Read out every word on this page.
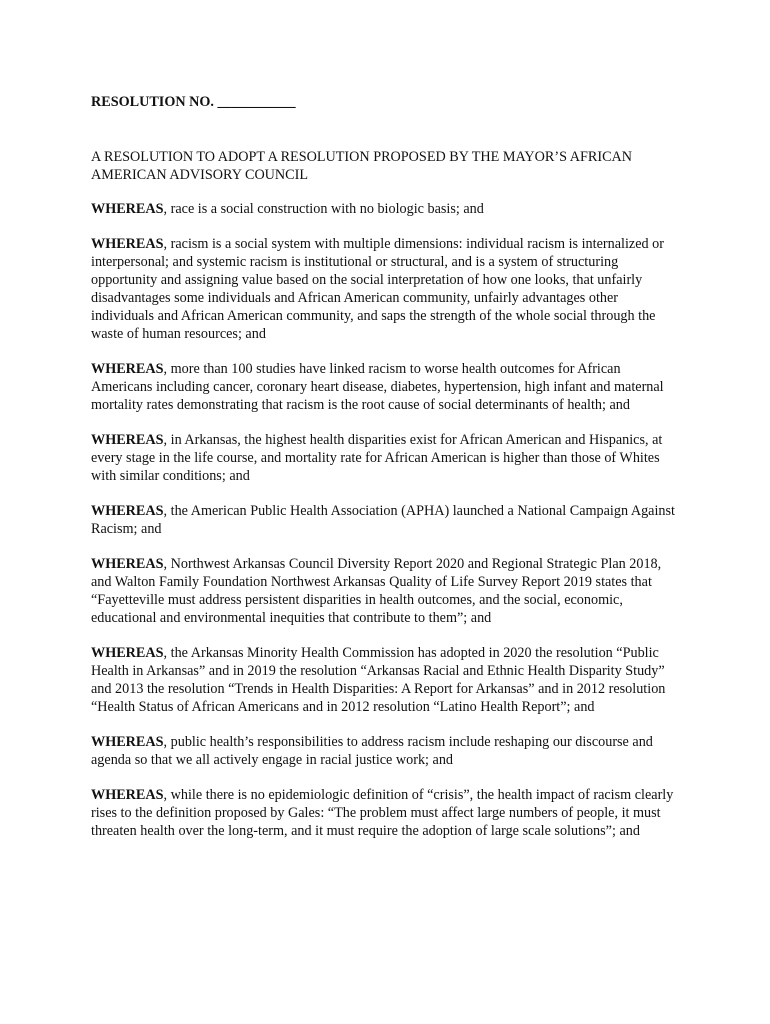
RESOLUTION NO. ___________

A RESOLUTION TO ADOPT A RESOLUTION PROPOSED BY THE MAYOR’S AFRICAN AMERICAN ADVISORY COUNCIL

WHEREAS, race is a social construction with no biologic basis; and

WHEREAS, racism is a social system with multiple dimensions: individual racism is internalized or interpersonal; and systemic racism is institutional or structural, and is a system of structuring opportunity and assigning value based on the social interpretation of how one looks, that unfairly disadvantages some individuals and African American community, unfairly advantages other individuals and African American community, and saps the strength of the whole social through the waste of human resources; and

WHEREAS, more than 100 studies have linked racism to worse health outcomes for African Americans including cancer, coronary heart disease, diabetes, hypertension, high infant and maternal mortality rates demonstrating that racism is the root cause of social determinants of health; and

WHEREAS, in Arkansas, the highest health disparities exist for African American and Hispanics, at every stage in the life course, and mortality rate for African American is higher than those of Whites with similar conditions; and

WHEREAS, the American Public Health Association (APHA) launched a National Campaign Against Racism; and

WHEREAS, Northwest Arkansas Council Diversity Report 2020 and Regional Strategic Plan 2018, and Walton Family Foundation Northwest Arkansas Quality of Life Survey Report 2019 states that “Fayetteville must address persistent disparities in health outcomes, and the social, economic, educational and environmental inequities that contribute to them”; and

WHEREAS, the Arkansas Minority Health Commission has adopted in 2020 the resolution “Public Health in Arkansas” and in 2019 the resolution “Arkansas Racial and Ethnic Health Disparity Study” and 2013 the resolution “Trends in Health Disparities: A Report for Arkansas” and in 2012 resolution “Health Status of African Americans and in 2012 resolution “Latino Health Report”; and

WHEREAS, public health’s responsibilities to address racism include reshaping our discourse and agenda so that we all actively engage in racial justice work; and

WHEREAS, while there is no epidemiologic definition of “crisis”, the health impact of racism clearly rises to the definition proposed by Gales: “The problem must affect large numbers of people, it must threaten health over the long-term, and it must require the adoption of large scale solutions”; and
